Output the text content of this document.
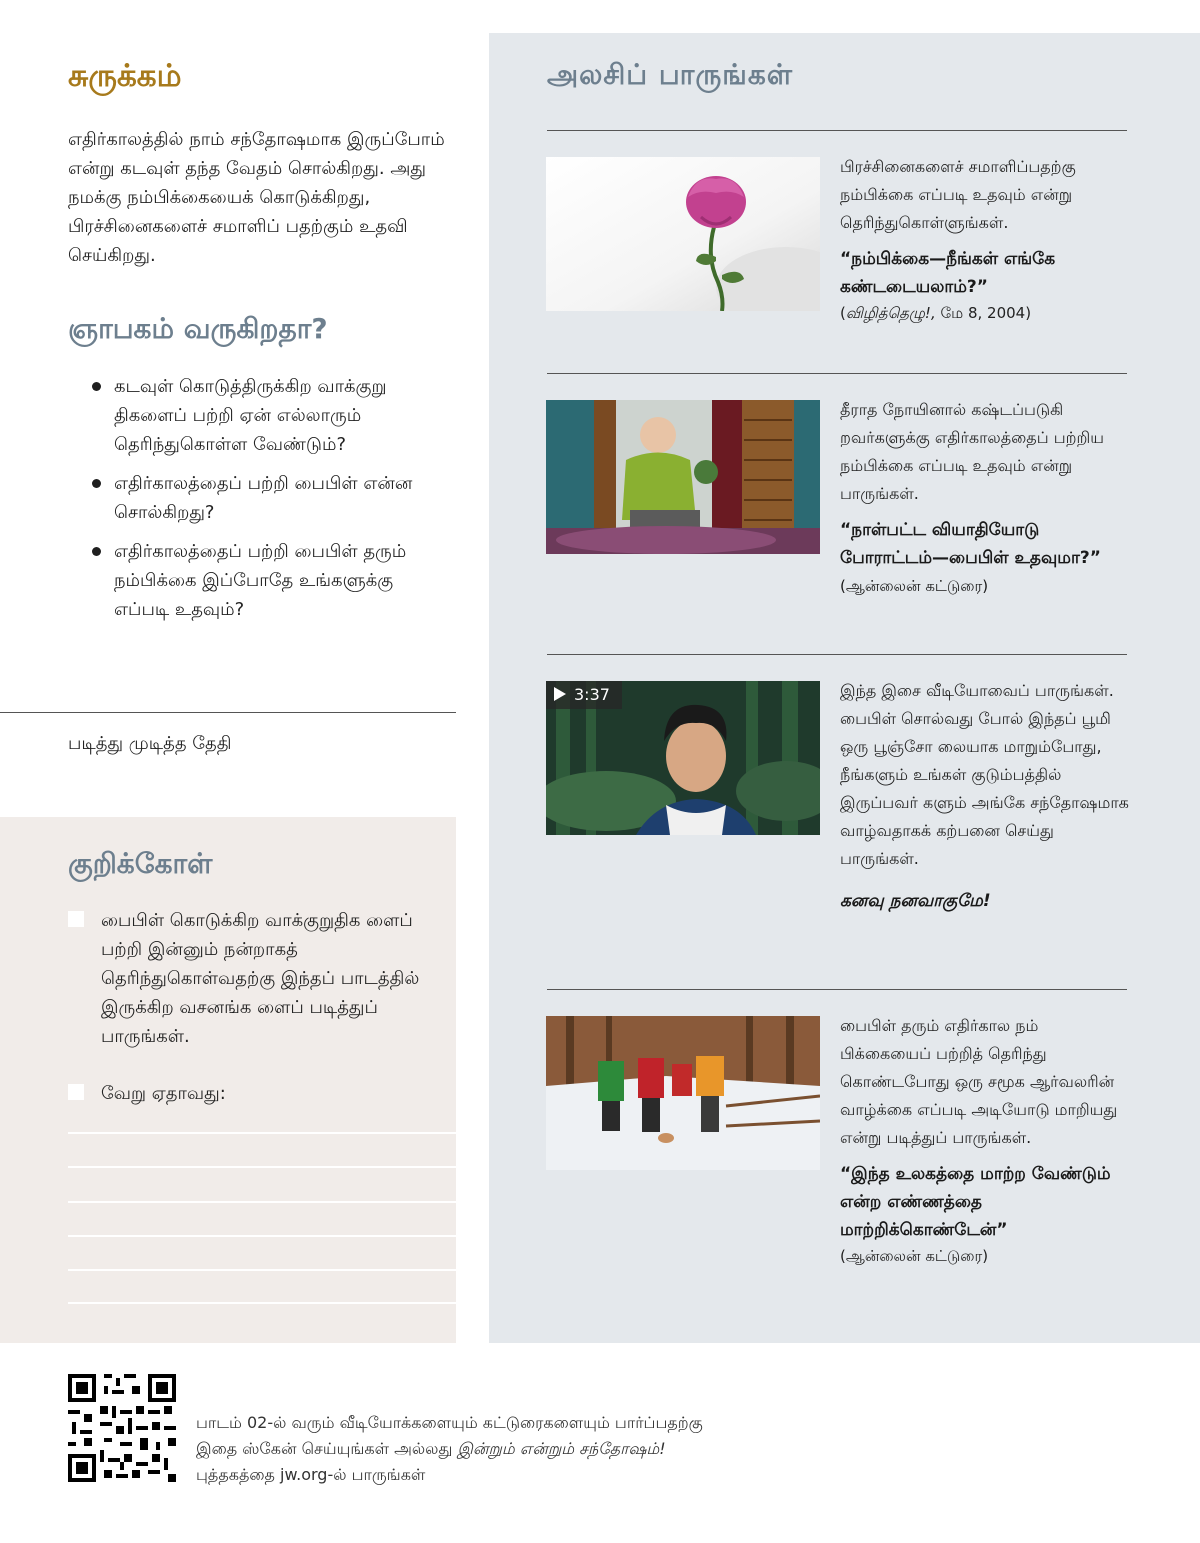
சுருக்கம்

எதிர்காலத்தில் நாம் சந்தோஷமாக இருப்போம் என்று கடவுள் தந்த வேதம் சொல்கிறது. அது நமக்கு நம்பிக்கையைக் கொடுக்கிறது, பிரச்சினைகளைச் சமாளிப் பதற்கும் உதவி செய்கிறது.

ஞாபகம் வருகிறதா?
கடவுள் கொடுத்திருக்கிற வாக்குறு திகளைப் பற்றி ஏன் எல்லாரும் தெரிந்துகொள்ள வேண்டும்?
எதிர்காலத்தைப் பற்றி பைபிள் என்ன சொல்கிறது?
எதிர்காலத்தைப் பற்றி பைபிள் தரும் நம்பிக்கை இப்போதே உங்களுக்கு எப்படி உதவும்?
படித்து முடித்த தேதி
குறிக்கோள்
பைபிள் கொடுக்கிற வாக்குறுதிக ளைப் பற்றி இன்னும் நன்றாகத் தெரிந்துகொள்வதற்கு இந்தப் பாடத்தில் இருக்கிற வசனங்க ளைப் படித்துப் பாருங்கள்.
வேறு ஏதாவது:
அலசிப் பாருங்கள்

பிரச்சினைகளைச் சமாளிப்பதற்கு நம்பிக்கை எப்படி உதவும் என்று தெரிந்துகொள்ளுங்கள்.

“நம்பிக்கை—நீங்கள் எங்கே கண்டடையலாம்?”

(விழித்தெழு!, மே 8, 2004)

தீராத நோயினால் கஷ்டப்படுகி றவர்களுக்கு எதிர்காலத்தைப் பற்றிய நம்பிக்கை எப்படி உதவும் என்று பாருங்கள்.

“நாள்பட்ட வியாதியோடு போராட்டம்—பைபிள் உதவுமா?” (ஆன்லைன் கட்டுரை)

3:37	இந்த இசை வீடியோவைப் பாருங்கள். பைபிள் சொல்வது போல் இந்தப் பூமி ஒரு பூஞ்சோ லையாக மாறும்போது, நீங்களும் உங்கள் குடும்பத்தில் இருப்பவர் களும் அங்கே சந்தோஷமாக வாழ்வதாகக் கற்பனை செய்து பாருங்கள்.

கனவு நனவாகுமே!

பைபிள் தரும் எதிர்கால நம் பிக்கையைப் பற்றித் தெரிந்து கொண்டபோது ஒரு சமூக ஆர்வலரின் வாழ்க்கை எப்படி அடியோடு மாறியது என்று படித்துப் பாருங்கள்.

“இந்த உலகத்தை மாற்ற வேண்டும் என்ற எண்ணத்தை மாற்றிக்கொண்டேன்”

(ஆன்லைன் கட்டுரை)

பாடம் 02-ல் வரும் வீடியோக்களையும் கட்டுரைகளையும் பார்ப்பதற்கு இதை ஸ்கேன் செய்யுங்கள் அல்லது இன்றும் என்றும் சந்தோஷம்! புத்தகத்தை jw.org-ல் பாருங்கள்
